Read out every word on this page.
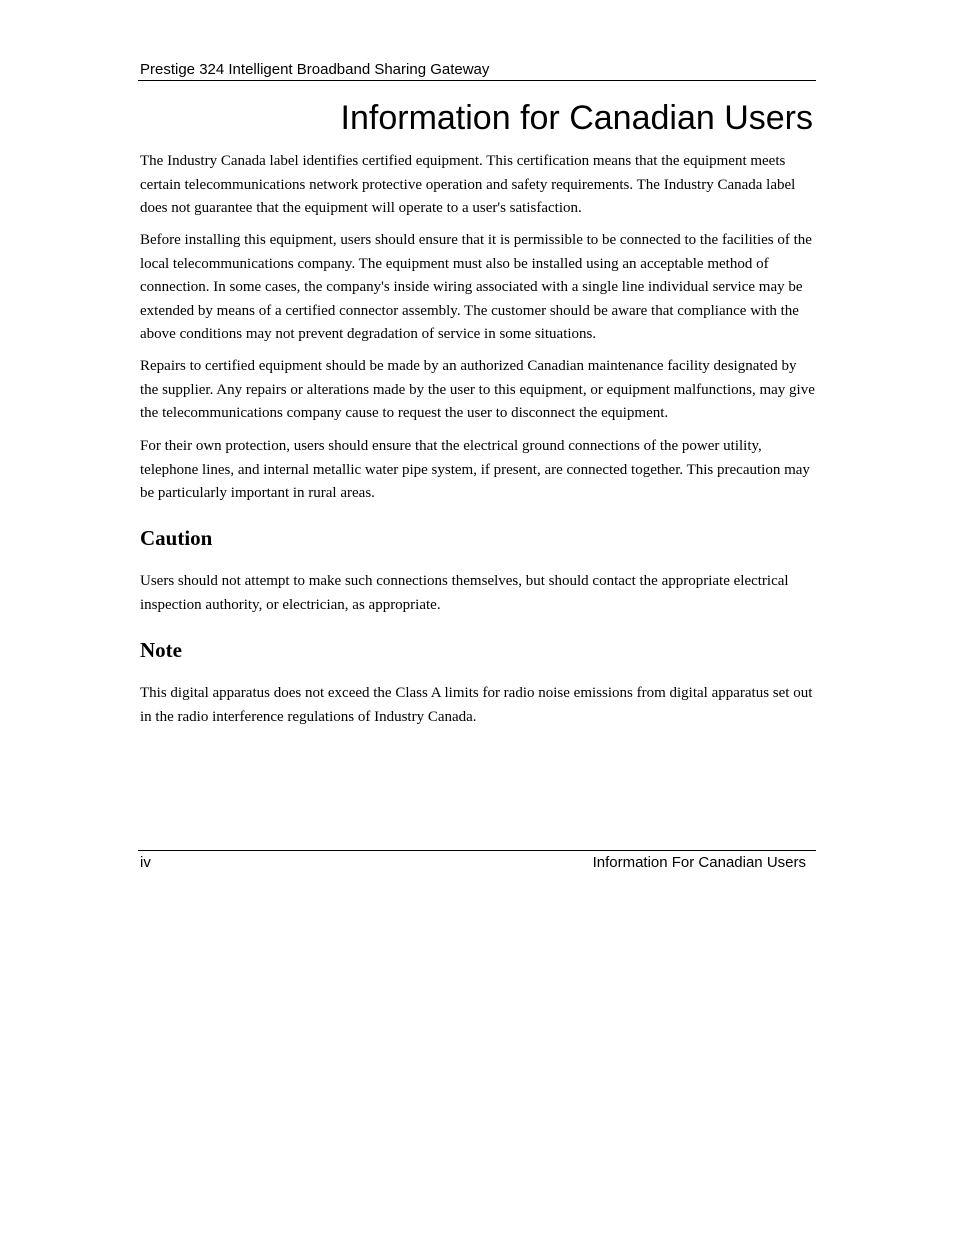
Prestige 324 Intelligent Broadband Sharing Gateway
Information for Canadian Users

The Industry Canada label identifies certified equipment. This certification means that the equipment meets certain telecommunications network protective operation and safety requirements. The Industry Canada label does not guarantee that the equipment will operate to a user's satisfaction.

Before installing this equipment, users should ensure that it is permissible to be connected to the facilities of the local telecommunications company. The equipment must also be installed using an acceptable method of connection. In some cases, the company's inside wiring associated with a single line individual service may be extended by means of a certified connector assembly. The customer should be aware that compliance with the above conditions may not prevent degradation of service in some situations.

Repairs to certified equipment should be made by an authorized Canadian maintenance facility designated by the supplier. Any repairs or alterations made by the user to this equipment, or equipment malfunctions, may give the telecommunications company cause to request the user to disconnect the equipment.

For their own protection, users should ensure that the electrical ground connections of the power utility, telephone lines, and internal metallic water pipe system, if present, are connected together. This precaution may be particularly important in rural areas.

Caution

Users should not attempt to make such connections themselves, but should contact the appropriate electrical inspection authority, or electrician, as appropriate.

Note

This digital apparatus does not exceed the Class A limits for radio noise emissions from digital apparatus set out in the radio interference regulations of Industry Canada.

iv	Information For Canadian Users
